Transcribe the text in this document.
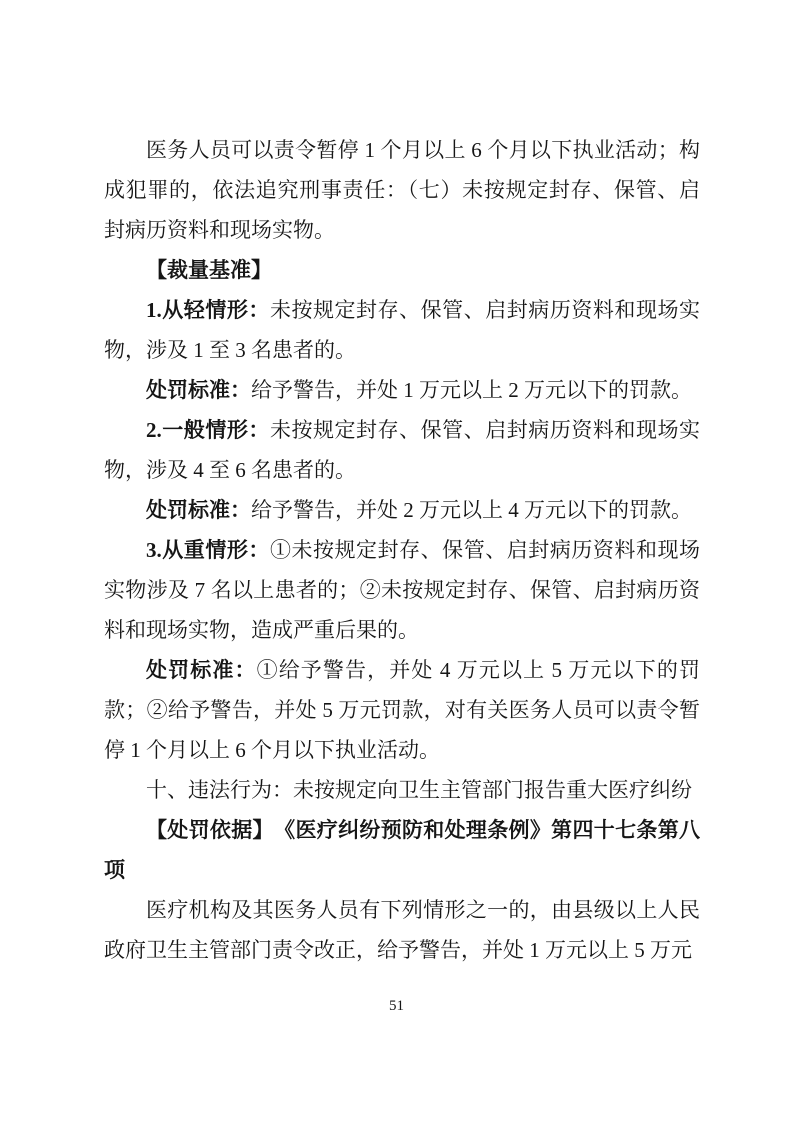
医务人员可以责令暂停 1 个月以上 6 个月以下执业活动；构成犯罪的，依法追究刑事责任：（七）未按规定封存、保管、启封病历资料和现场实物。

【裁量基准】

1.从轻情形：未按规定封存、保管、启封病历资料和现场实物，涉及 1 至 3 名患者的。

处罚标准：给予警告，并处 1 万元以上 2 万元以下的罚款。

2.一般情形：未按规定封存、保管、启封病历资料和现场实物，涉及 4 至 6 名患者的。

处罚标准：给予警告，并处 2 万元以上 4 万元以下的罚款。

3.从重情形：①未按规定封存、保管、启封病历资料和现场实物涉及 7 名以上患者的；②未按规定封存、保管、启封病历资料和现场实物，造成严重后果的。

处罚标准：①给予警告，并处 4 万元以上 5 万元以下的罚款；②给予警告，并处 5 万元罚款，对有关医务人员可以责令暂停 1 个月以上 6 个月以下执业活动。

十、违法行为：未按规定向卫生主管部门报告重大医疗纠纷

【处罚依据】　《医疗纠纷预防和处理条例》第四十七条第八项

医疗机构及其医务人员有下列情形之一的，由县级以上人民政府卫生主管部门责令改正，给予警告，并处 1 万元以上 5 万元

51
